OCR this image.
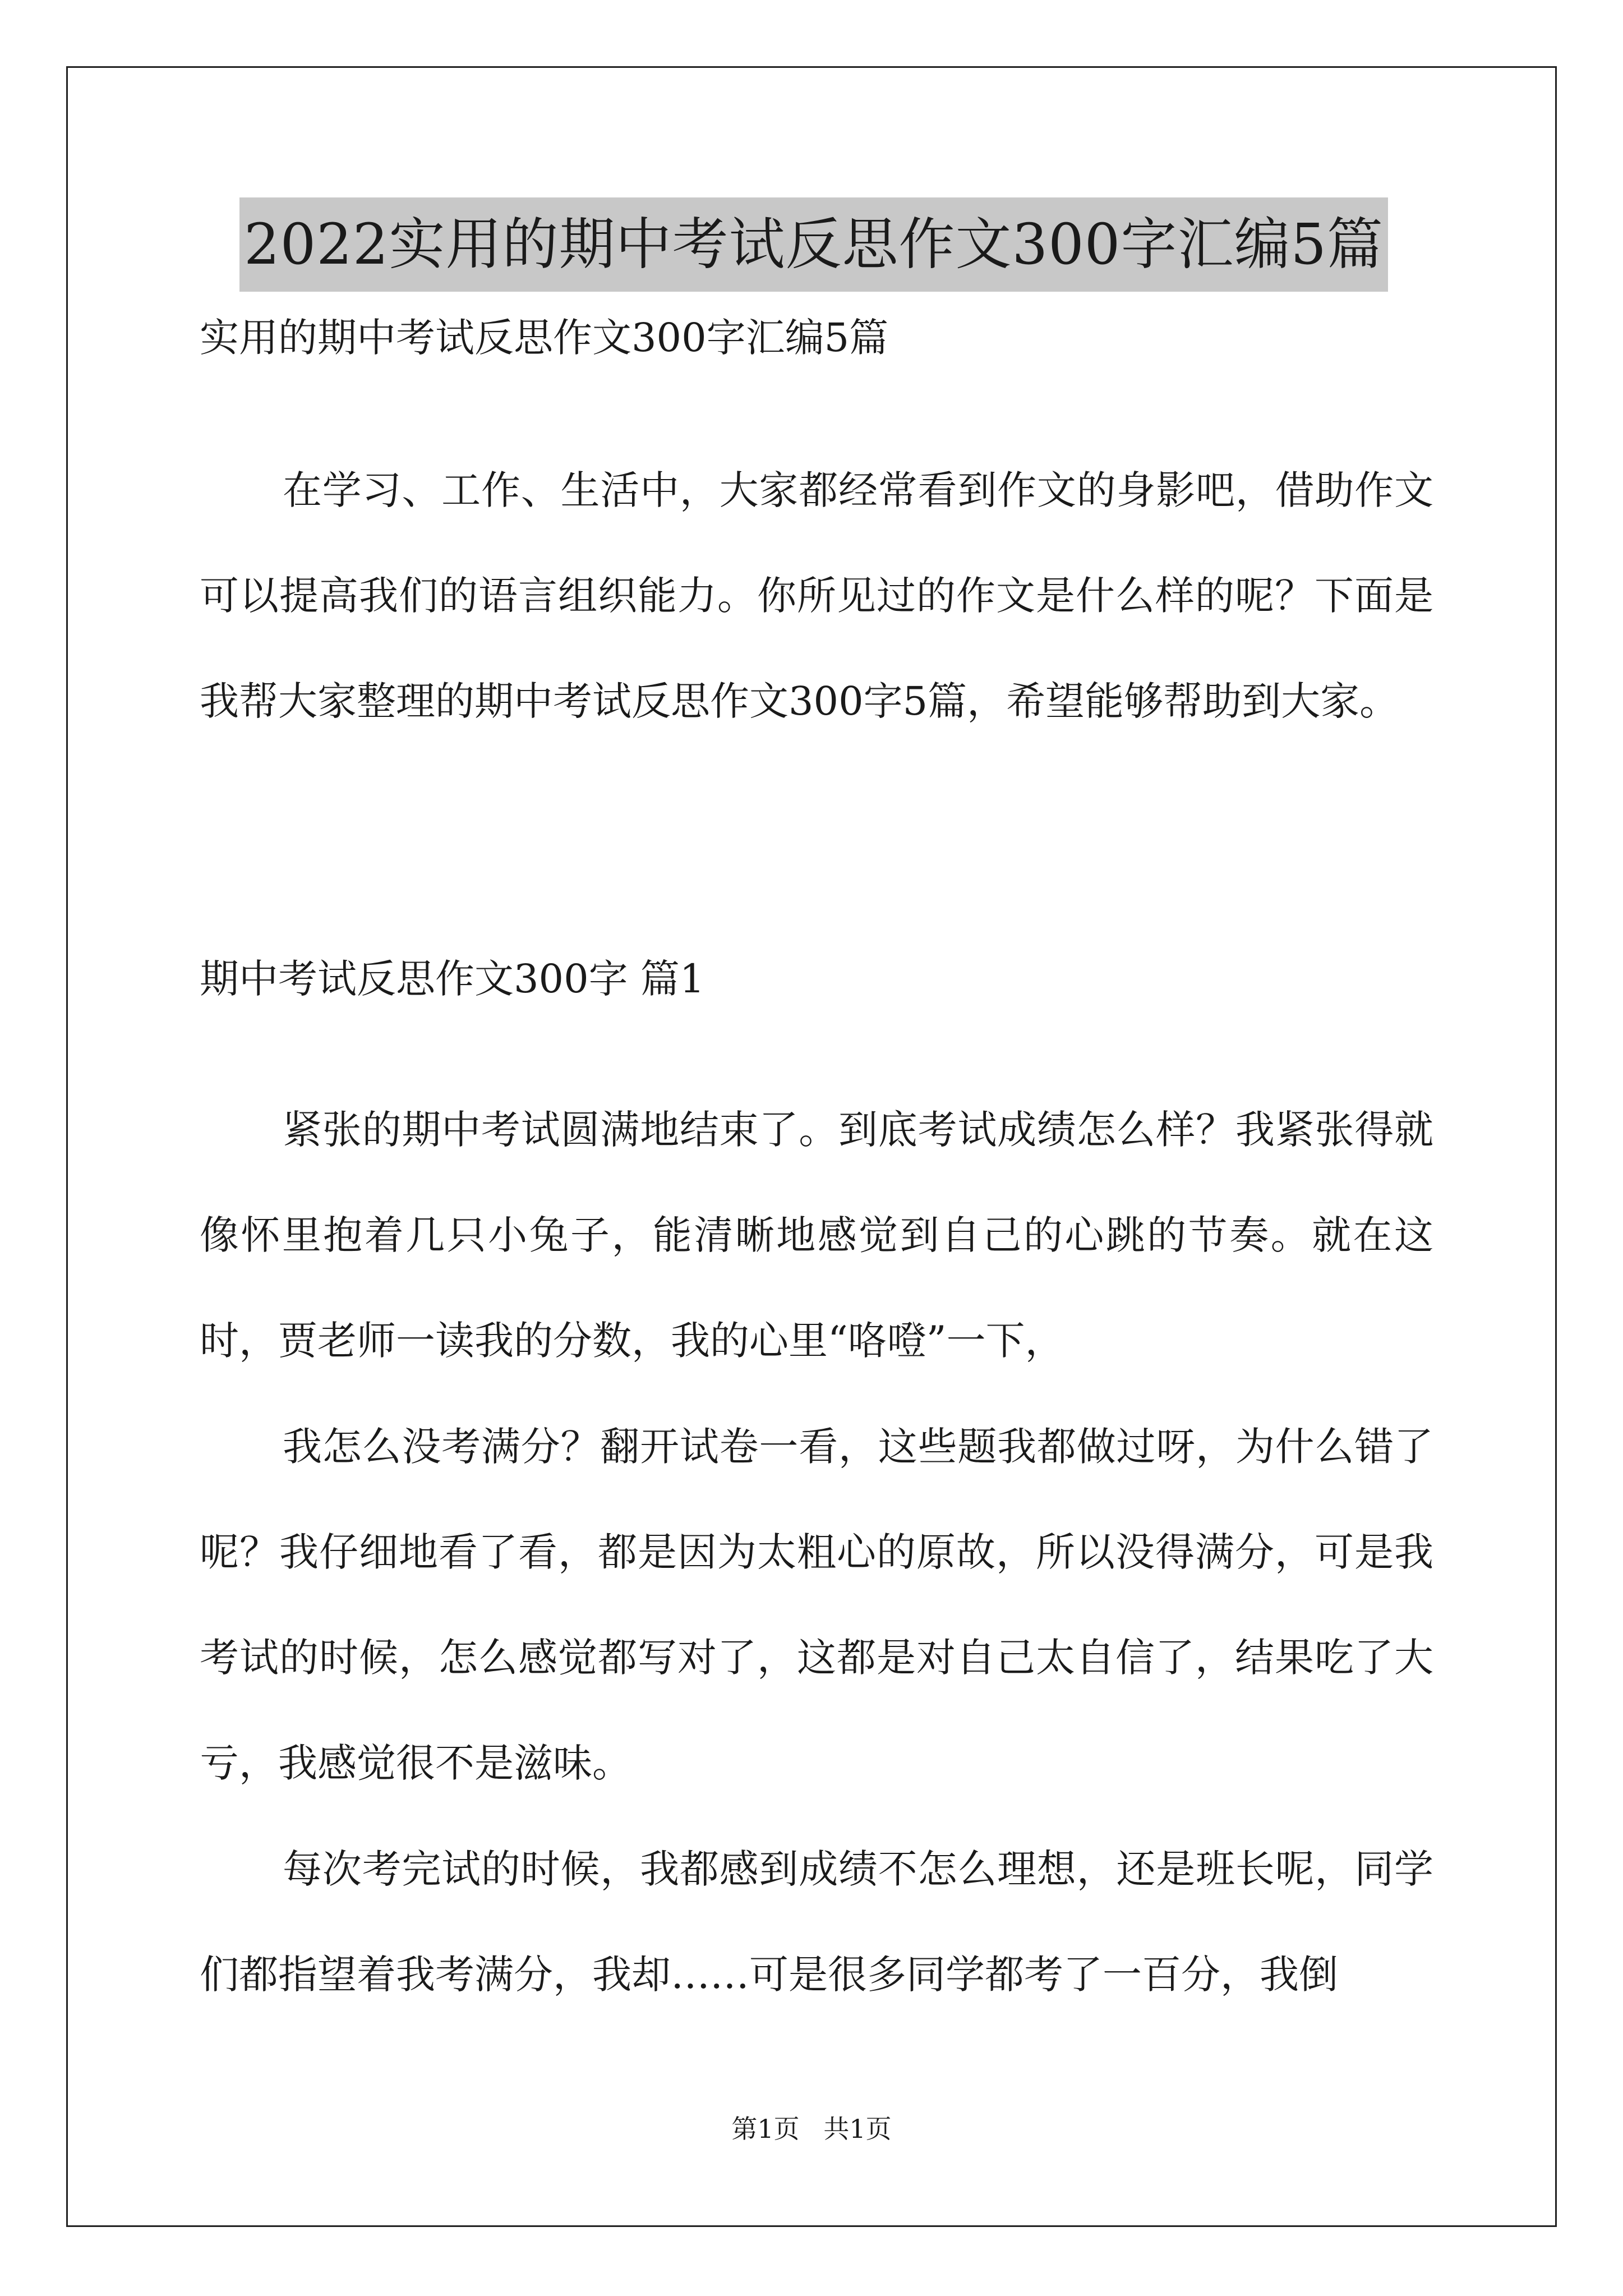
2022实用的期中考试反思作文300字汇编5篇
实用的期中考试反思作文300字汇编5篇
在学习、工作、生活中，大家都经常看到作文的身影吧，借助作文可以提高我们的语言组织能力。你所见过的作文是什么样的呢？下面是我帮大家整理的期中考试反思作文300字5篇，希望能够帮助到大家。
期中考试反思作文300字 篇1
紧张的期中考试圆满地结束了。到底考试成绩怎么样？我紧张得就像怀里抱着几只小兔子，能清晰地感觉到自己的心跳的节奏。就在这时，贾老师一读我的分数，我的心里“咯噔”一下，
我怎么没考满分？翻开试卷一看，这些题我都做过呀，为什么错了呢？我仔细地看了看，都是因为太粗心的原故，所以没得满分，可是我考试的时候，怎么感觉都写对了，这都是对自己太自信了，结果吃了大亏，我感觉很不是滋味。
每次考完试的时候，我都感到成绩不怎么理想，还是班长呢，同学们都指望着我考满分，我却……可是很多同学都考了一百分，我倒
第1页 共1页
